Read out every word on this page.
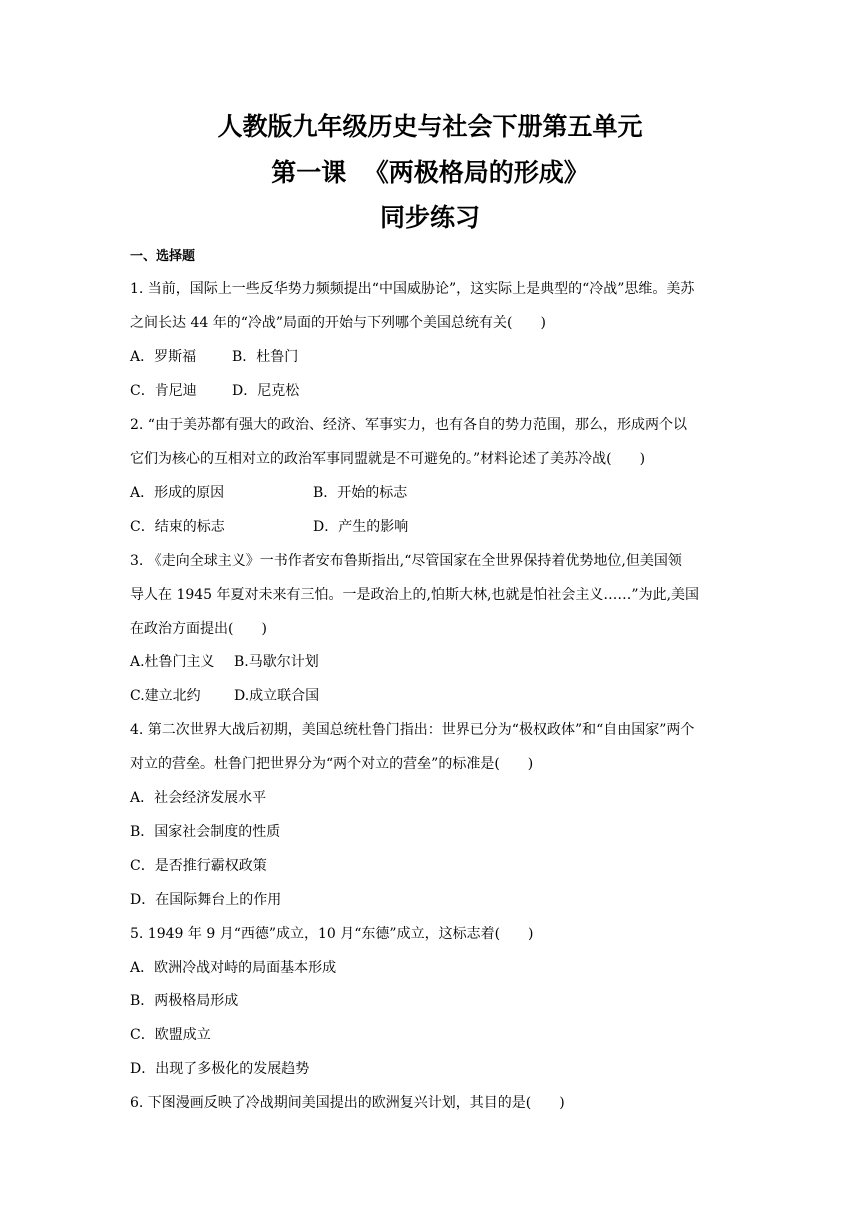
人教版九年级历史与社会下册第五单元
第一课  《两极格局的形成》
同步练习
一、选择题
1. 当前，国际上一些反华势力频频提出“中国威胁论”，这实际上是典型的“冷战”思维。美苏
之间长达 44 年的“冷战”局面的开始与下列哪个美国总统有关(　　)
A．罗斯福	B．杜鲁门
C．肯尼迪	D．尼克松
2. “由于美苏都有强大的政治、经济、军事实力，也有各自的势力范围，那么，形成两个以
它们为核心的互相对立的政治军事同盟就是不可避免的。”材料论述了美苏冷战(　　)
A．形成的原因	B．开始的标志
C．结束的标志	D．产生的影响
3. 《走向全球主义》一书作者安布鲁斯指出,“尽管国家在全世界保持着优势地位,但美国领
导人在 1945 年夏对未来有三怕。一是政治上的,怕斯大林,也就是怕社会主义……”为此,美国
在政治方面提出(　　)
A.杜鲁门主义 B.马歇尔计划
C.建立北约 D.成立联合国
4. 第二次世界大战后初期，美国总统杜鲁门指出：世界已分为“极权政体”和“自由国家”两个
对立的营垒。杜鲁门把世界分为“两个对立的营垒”的标准是(　　)
A．社会经济发展水平
B．国家社会制度的性质
C．是否推行霸权政策
D．在国际舞台上的作用
5. 1949 年 9 月“西德”成立，10 月“东德”成立，这标志着(　　)
A．欧洲冷战对峙的局面基本形成
B．两极格局形成
C．欧盟成立
D．出现了多极化的发展趋势
6. 下图漫画反映了冷战期间美国提出的欧洲复兴计划，其目的是(　　)
